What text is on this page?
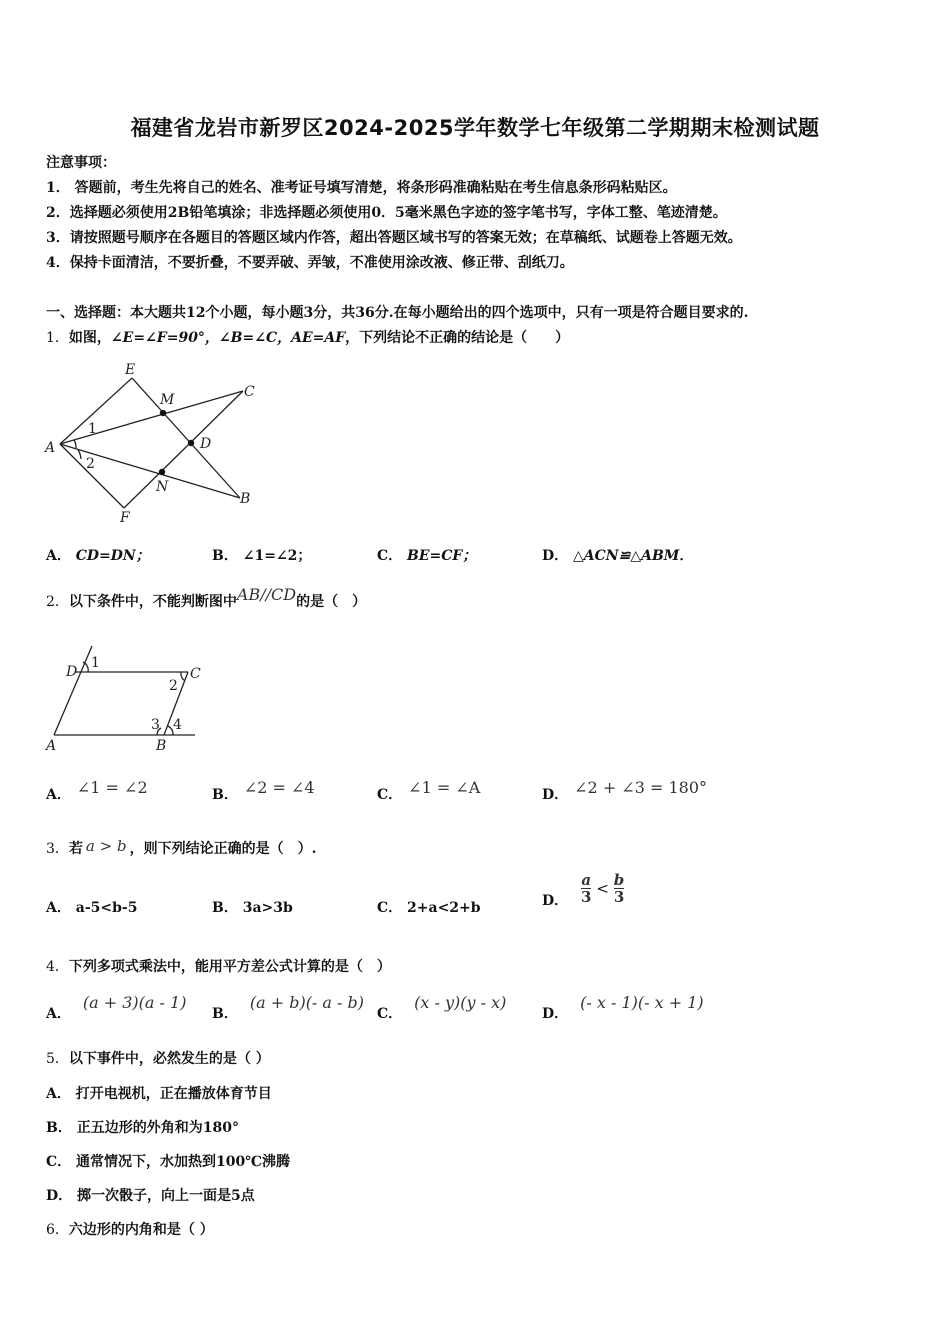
福建省龙岩市新罗区2024-2025学年数学七年级第二学期期末检测试题
注意事项：
1． 答题前，考生先将自己的姓名、准考证号填写清楚，将条形码准确粘贴在考生信息条形码粘贴区。
2．选择题必须使用2B铅笔填涂；非选择题必须使用0．5毫米黑色字迹的签字笔书写，字体工整、笔迹清楚。
3．请按照题号顺序在各题目的答题区域内作答，超出答题区域书写的答案无效；在草稿纸、试题卷上答题无效。
4．保持卡面清洁，不要折叠，不要弄破、弄皱，不准使用涂改液、修正带、刮纸刀。
一、选择题：本大题共12个小题，每小题3分，共36分.在每小题给出的四个选项中，只有一项是符合题目要求的.
1．如图，∠E=∠F=90°，∠B=∠C，AE=AF，下列结论不正确的结论是（　　）
E
M	C
A
1
D
2
N
B
F
A． CD=DN；	B． ∠1=∠2；	C． BE=CF；	D． △ACN≌△ABM．
2．以下条件中，不能判断图中AB//CD的是（　）
D
1
C
2
3 4
A	B
A． ∠1 = ∠2	B． ∠2 = ∠4	C． ∠1 = ∠A	D． ∠2 + ∠3 = 180°
3．若 a > b ，则下列结论正确的是（　）.
A． a-5<b-5	B． 3a>3b	C． 2+a<2+b	D． $\frac{a}{3} < \frac{b}{3}$
4．下列多项式乘法中，能用平方差公式计算的是（　）
A．(a + 3)(a - 1)
B．(a + b)(- a - b)
C．(x - y)(y - x)
D．(- x - 1)(- x + 1)
5．以下事件中，必然发生的是（ ）
A． 打开电视机，正在播放体育节目
B． 正五边形的外角和为180°
C． 通常情况下，水加热到100℃沸腾
D． 掷一次骰子，向上一面是5点
6．六边形的内角和是（ ）
